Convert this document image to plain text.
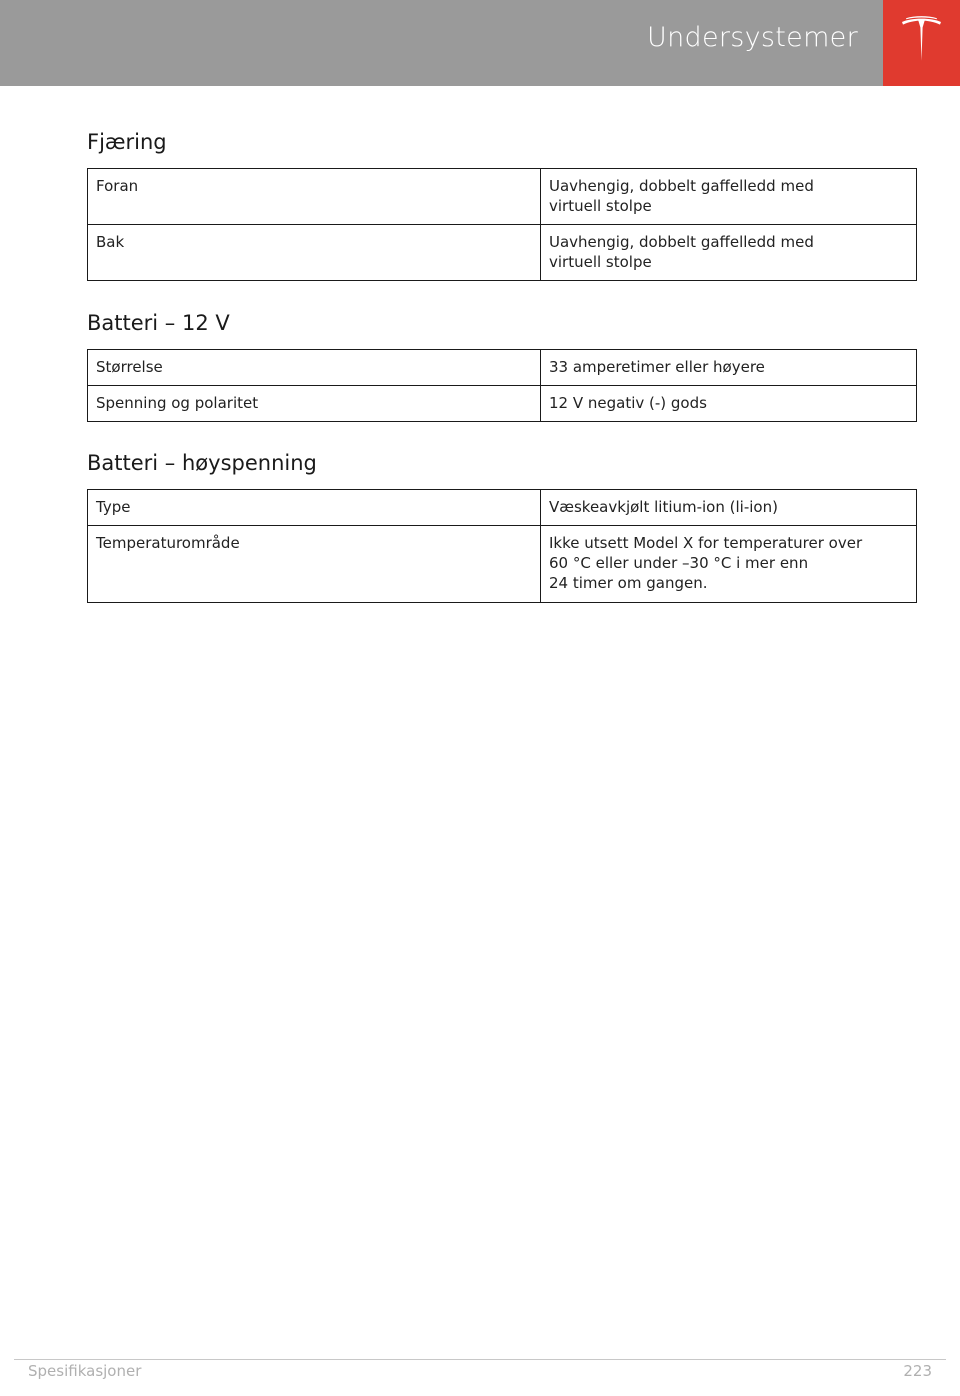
Undersystemer
Fjæring
Foran	Uavhengig, dobbelt gaffelledd med
virtuell stolpe
Bak	Uavhengig, dobbelt gaffelledd med
virtuell stolpe
Batteri – 12 V
Størrelse	33 amperetimer eller høyere
Spenning og polaritet	12 V negativ (-) gods
Batteri – høyspenning
Type	Væskeavkjølt litium-ion (li-ion)
Temperaturområde	Ikke utsett Model X for temperaturer over
60 °C eller under –30 °C i mer enn
24 timer om gangen.
Spesifikasjoner	223
